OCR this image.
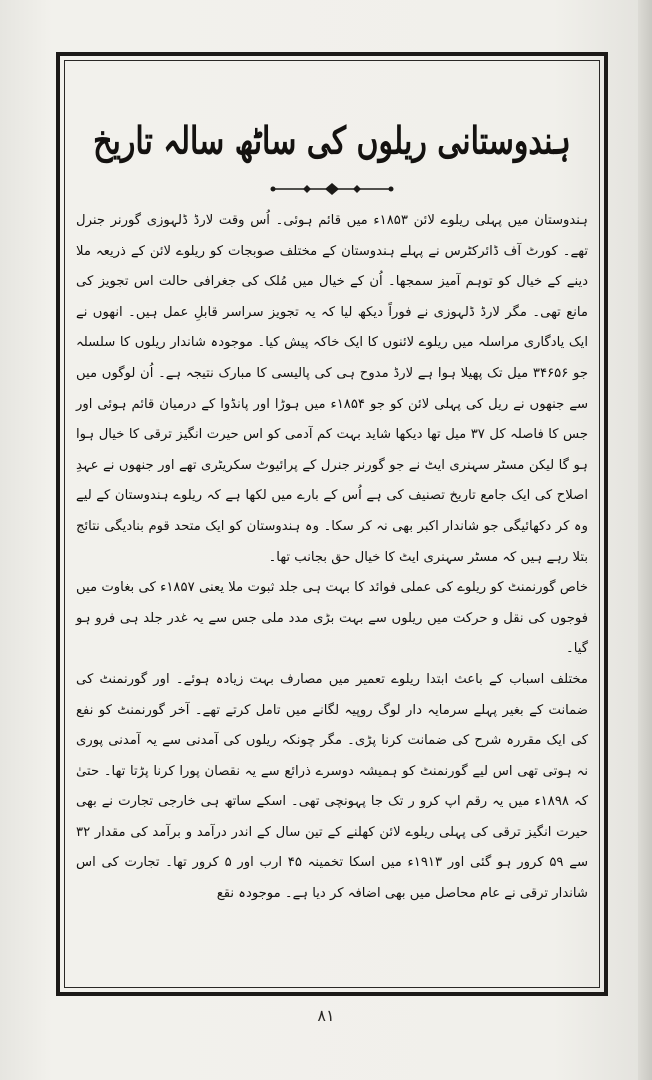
ہندوستانی ریلوں کی ساٹھ سالہ تاریخ

ہندوستان میں پہلی ریلوے لائن ۱۸۵۳ء میں قائم ہوئی۔ اُس وقت لارڈ ڈلہوزی گورنر جنرل تھے۔ کورٹ آف ڈائرکٹرس نے پہلے ہندوستان کے مختلف صوبجات کو ریلوے لائن کے ذریعہ ملا دینے کے خیال کو توہم آمیز سمجھا۔ اُن کے خیال میں مُلک کی جغرافی حالت اس تجویز کی مانع تھی۔ مگر لارڈ ڈلہوزی نے فوراً دیکھ لیا کہ یہ تجویز سراسر قابلِ عمل ہیں۔ انھوں نے ایک یادگاری مراسلہ میں ریلوے لائنوں کا ایک خاکہ پیش کیا۔ موجودہ شاندار ریلوں کا سلسلہ جو ۳۴۶۵۶ میل تک پھیلا ہوا ہے لارڈ مدوح ہی کی پالیسی کا مبارک نتیجہ ہے۔ اُن لوگوں میں سے جنھوں نے ریل کی پہلی لائن کو جو ۱۸۵۴ء میں ہوڑا اور پانڈوا کے درمیان قائم ہوئی اور جس کا فاصلہ کل ۳۷ میل تھا دیکھا شاید بہت کم آدمی کو اس حیرت انگیز ترقی کا خیال ہوا ہو گا لیکن مسٹر سہنری ایٹ نے جو گورنر جنرل کے پرائیوٹ سکریٹری تھے اور جنھوں نے عہدِ اصلاح کی ایک جامع تاریخ تصنیف کی ہے اُس کے بارے میں لکھا ہے کہ ریلوے ہندوستان کے لیے وہ کر دکھائیگی جو شاندار اکبر بھی نہ کر سکا۔ وہ ہندوستان کو ایک متحد قوم بنادیگی نتائج بتلا رہے ہیں کہ مسٹر سہنری ایٹ کا خیال حق بجانب تھا۔

خاص گورنمنٹ کو ریلوے کی عملی فوائد کا بہت ہی جلد ثبوت ملا یعنی ۱۸۵۷ء کی بغاوت میں فوجوں کی نقل و حرکت میں ریلوں سے بہت بڑی مدد ملی جس سے یہ غدر جلد ہی فرو ہو گیا۔

مختلف اسباب کے باعث ابتدا ریلوے تعمیر میں مصارف بہت زیادہ ہوئے۔ اور گورنمنٹ کی ضمانت کے بغیر پہلے سرمایہ دار لوگ روپیہ لگانے میں تامل کرتے تھے۔ آخر گورنمنٹ کو نفع کی ایک مقررہ شرح کی ضمانت کرنا پڑی۔ مگر چونکہ ریلوں کی آمدنی سے یہ آمدنی پوری نہ ہوتی تھی اس لیے گورنمنٹ کو ہمیشہ دوسرے ذرائع سے یہ نقصان پورا کرنا پڑتا تھا۔ حتیٰ کہ ۱۸۹۸ء میں یہ رقم اپ کرو ر تک جا پہونچی تھی۔ اسکے ساتھ ہی خارجی تجارت نے بھی حیرت انگیز ترقی کی پہلی ریلوے لائن کھلنے کے تین سال کے اندر درآمد و برآمد کی مقدار ۳۲ سے ۵۹ کرور ہو گئی اور ۱۹۱۳ء میں اسکا تخمینہ ۴۵ ارب اور ۵ کرور تھا۔ تجارت کی اس شاندار ترقی نے عام محاصل میں بھی اضافہ کر دیا ہے۔ موجودہ نقع

۸۱
